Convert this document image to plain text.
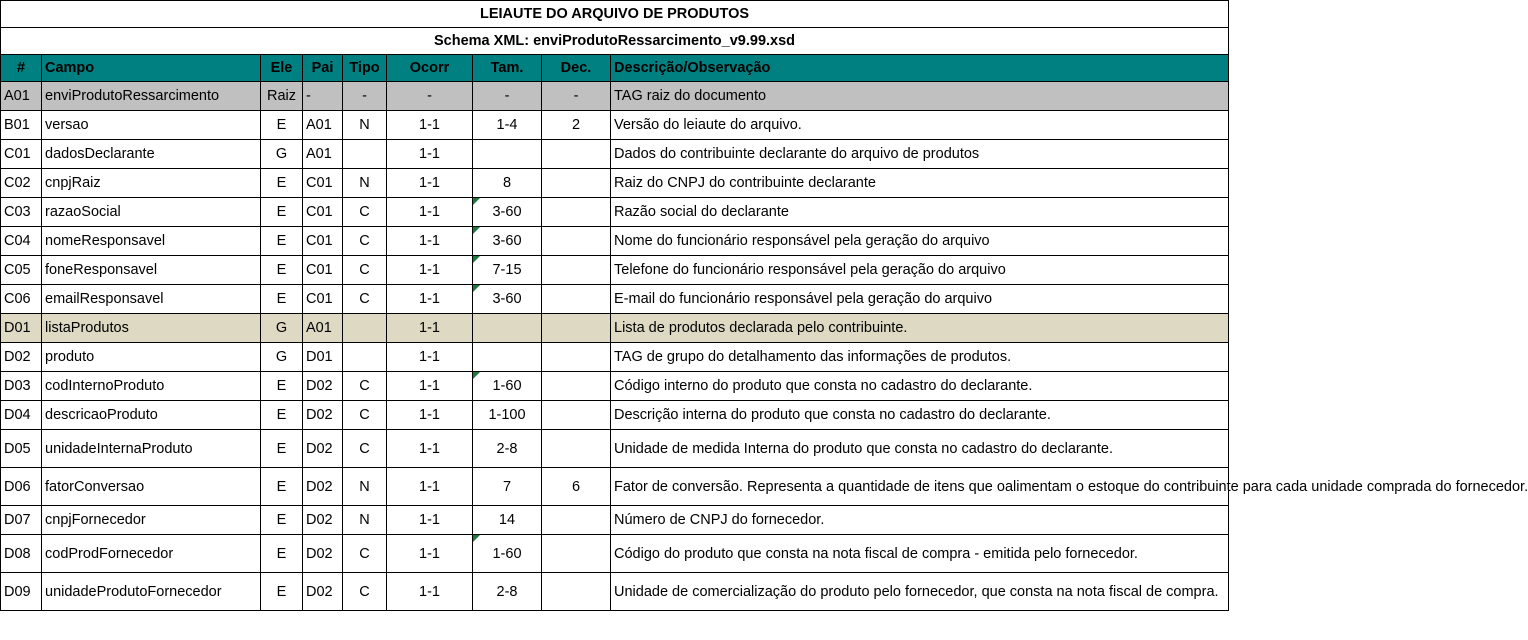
LEIAUTE DO ARQUIVO DE PRODUTOS								
Schema XML: enviProdutoRessarcimento_v9.99.xsd								
#	Campo	Ele	Pai	Tipo	Ocorr	Tam.	Dec.	Descrição/Observação
A01	enviProdutoRessarcimento	Raiz	-	-	-	-	-	TAG raiz do documento
B01	versao	E	A01	N	1-1	1-4	2	Versão do leiaute do arquivo.
C01	dadosDeclarante	G	A01		1-1			Dados do contribuinte declarante do arquivo de produtos
C02	cnpjRaiz	E	C01	N	1-1	8		Raiz do CNPJ do contribuinte declarante
C03	razaoSocial	E	C01	C	1-1	3-60		Razão social do declarante
C04	nomeResponsavel	E	C01	C	1-1	3-60		Nome do funcionário responsável pela geração do arquivo
C05	foneResponsavel	E	C01	C	1-1	7-15		Telefone do funcionário responsável pela geração do arquivo
C06	emailResponsavel	E	C01	C	1-1	3-60		E-mail do funcionário responsável pela geração do arquivo
D01	listaProdutos	G	A01		1-1			Lista de produtos declarada pelo contribuinte.
D02	produto	G	D01		1-1			TAG de grupo do detalhamento das informações de produtos.
D03	codInternoProduto	E	D02	C	1-1	1-60		Código interno do produto que consta no cadastro do declarante.
D04	descricaoProduto	E	D02	C	1-1	1-100		Descrição interna do produto que consta no cadastro do declarante.
D05	unidadeInternaProduto	E	D02	C	1-1	2-8		Unidade de medida Interna do produto que consta no cadastro do declarante.
D06	fatorConversao	E	D02	N	1-1	7	6	Fator de conversão. Representa a quantidade de itens que oalimentam o estoque do contribuinte para cada unidade comprada do fornecedor.
D07	cnpjFornecedor	E	D02	N	1-1	14		Número de CNPJ do fornecedor.
D08	codProdFornecedor	E	D02	C	1-1	1-60		Código do produto que consta na nota fiscal de compra - emitida pelo fornecedor.
D09	unidadeProdutoFornecedor	E	D02	C	1-1	2-8		Unidade de comercialização do produto pelo fornecedor, que consta na nota fiscal de compra.
